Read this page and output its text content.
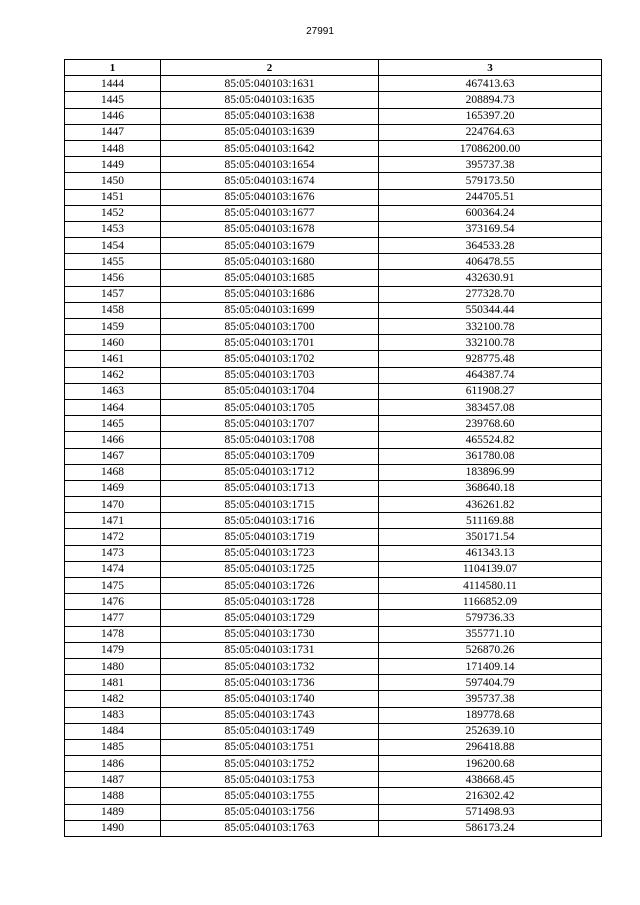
27991
1	2	3
1444	85:05:040103:1631	467413.63
1445	85:05:040103:1635	208894.73
1446	85:05:040103:1638	165397.20
1447	85:05:040103:1639	224764.63
1448	85:05:040103:1642	17086200.00
1449	85:05:040103:1654	395737.38
1450	85:05:040103:1674	579173.50
1451	85:05:040103:1676	244705.51
1452	85:05:040103:1677	600364.24
1453	85:05:040103:1678	373169.54
1454	85:05:040103:1679	364533.28
1455	85:05:040103:1680	406478.55
1456	85:05:040103:1685	432630.91
1457	85:05:040103:1686	277328.70
1458	85:05:040103:1699	550344.44
1459	85:05:040103:1700	332100.78
1460	85:05:040103:1701	332100.78
1461	85:05:040103:1702	928775.48
1462	85:05:040103:1703	464387.74
1463	85:05:040103:1704	611908.27
1464	85:05:040103:1705	383457.08
1465	85:05:040103:1707	239768.60
1466	85:05:040103:1708	465524.82
1467	85:05:040103:1709	361780.08
1468	85:05:040103:1712	183896.99
1469	85:05:040103:1713	368640.18
1470	85:05:040103:1715	436261.82
1471	85:05:040103:1716	511169.88
1472	85:05:040103:1719	350171.54
1473	85:05:040103:1723	461343.13
1474	85:05:040103:1725	1104139.07
1475	85:05:040103:1726	4114580.11
1476	85:05:040103:1728	1166852.09
1477	85:05:040103:1729	579736.33
1478	85:05:040103:1730	355771.10
1479	85:05:040103:1731	526870.26
1480	85:05:040103:1732	171409.14
1481	85:05:040103:1736	597404.79
1482	85:05:040103:1740	395737.38
1483	85:05:040103:1743	189778.68
1484	85:05:040103:1749	252639.10
1485	85:05:040103:1751	296418.88
1486	85:05:040103:1752	196200.68
1487	85:05:040103:1753	438668.45
1488	85:05:040103:1755	216302.42
1489	85:05:040103:1756	571498.93
1490	85:05:040103:1763	586173.24
